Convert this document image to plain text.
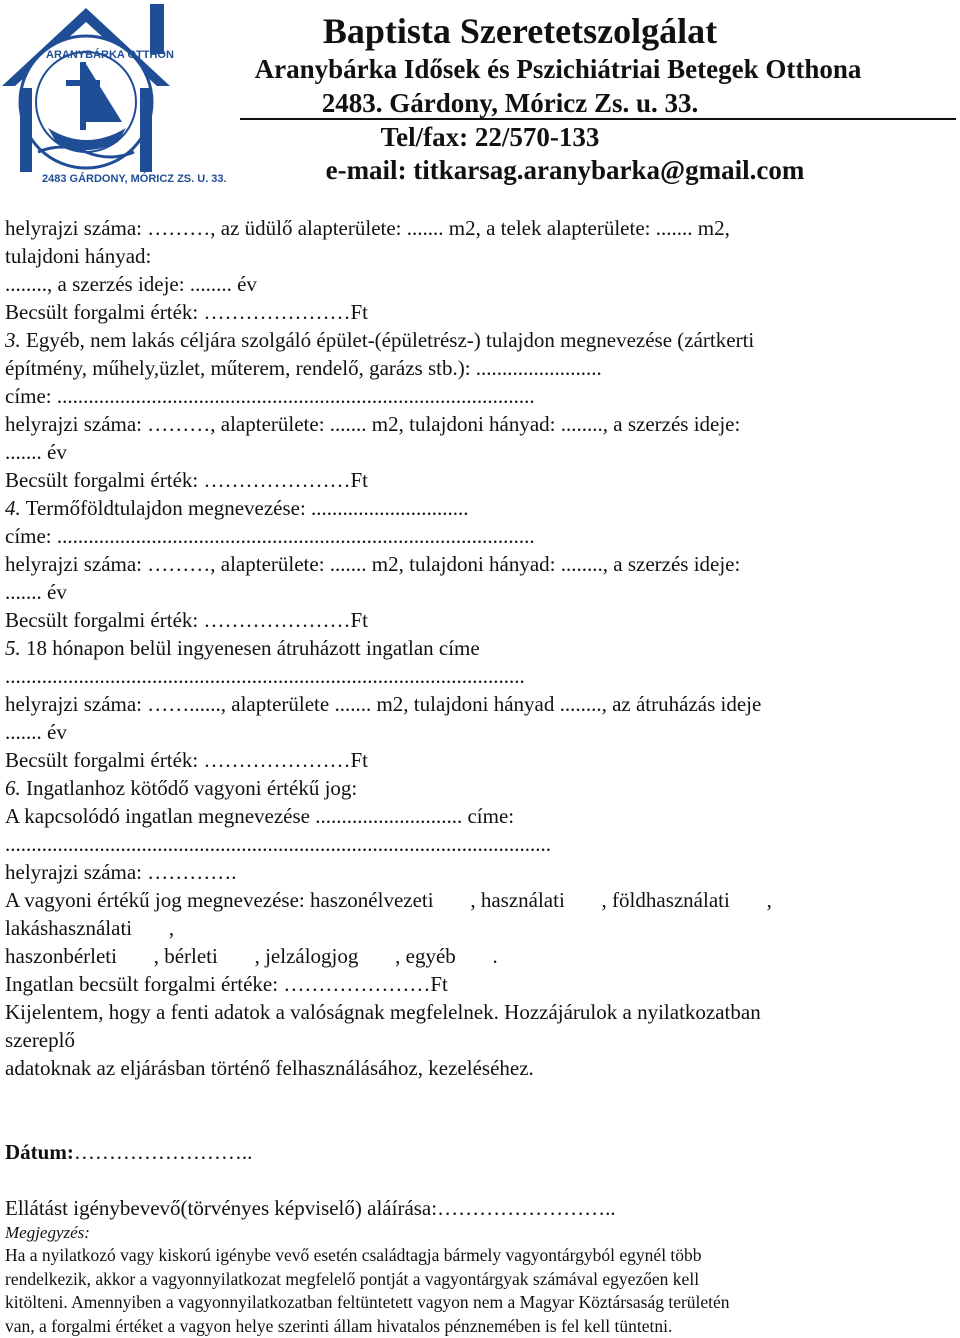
2483 GÁRDONY, MÓRICZ ZS. U. 33.
ARANYBÁRKA OTTHON
Baptista Szeretetszolgálat
Aranybárka Idősek és Pszichiátriai Betegek Otthona
2483. Gárdony, Móricz Zs. u. 33.
Tel/fax: 22/570-133
e-mail: titkarsag.aranybarka@gmail.com
helyrajzi száma: ………, az üdülő alapterülete: ....... m2, a telek alapterülete: ....... m2,
tulajdoni hányad:
........, a szerzés ideje: ........ év
Becsült forgalmi érték: …………………Ft
3. Egyéb, nem lakás céljára szolgáló épület-(épületrész-) tulajdon megnevezése (zártkerti
építmény, műhely,üzlet, műterem, rendelő, garázs stb.): ........................
címe: ...........................................................................................
helyrajzi száma: ………, alapterülete: ....... m2, tulajdoni hányad: ........, a szerzés ideje:
....... év
Becsült forgalmi érték: …………………Ft
4. Termőföldtulajdon megnevezése: ..............................
címe: ...........................................................................................
helyrajzi száma: ………, alapterülete: ....... m2, tulajdoni hányad: ........, a szerzés ideje:
....... év
Becsült forgalmi érték: …………………Ft
5. 18 hónapon belül ingyenesen átruházott ingatlan címe
...................................................................................................
helyrajzi száma: ……......, alapterülete ....... m2, tulajdoni hányad ........, az átruházás ideje
....... év
Becsült forgalmi érték: …………………Ft
6. Ingatlanhoz kötődő vagyoni értékű jog:
A kapcsolódó ingatlan megnevezése ............................ címe:
........................................................................................................
helyrajzi száma: ………….
A vagyoni értékű jog megnevezése: haszonélvezeti       , használati       , földhasználati       ,
lakáshasználati       ,
haszonbérleti       , bérleti       , jelzálogjog       , egyéb       .
Ingatlan becsült forgalmi értéke: …………………Ft
Kijelentem, hogy a fenti adatok a valóságnak megfelelnek. Hozzájárulok a nyilatkozatban
szereplő
adatoknak az eljárásban történő felhasználásához, kezeléséhez.
Dátum:……………………..
Ellátást igénybevevő(törvényes képviselő) aláírása:……………………..
Megjegyzés:
Ha a nyilatkozó vagy kiskorú igénybe vevő esetén családtagja bármely vagyontárgyból egynél több
rendelkezik, akkor a vagyonnyilatkozat megfelelő pontját a vagyontárgyak számával egyezően kell
kitölteni. Amennyiben a vagyonnyilatkozatban feltüntetett vagyon nem a Magyar Köztársaság területén
van, a forgalmi értéket a vagyon helye szerinti állam hivatalos pénznemében is fel kell tüntetni.
